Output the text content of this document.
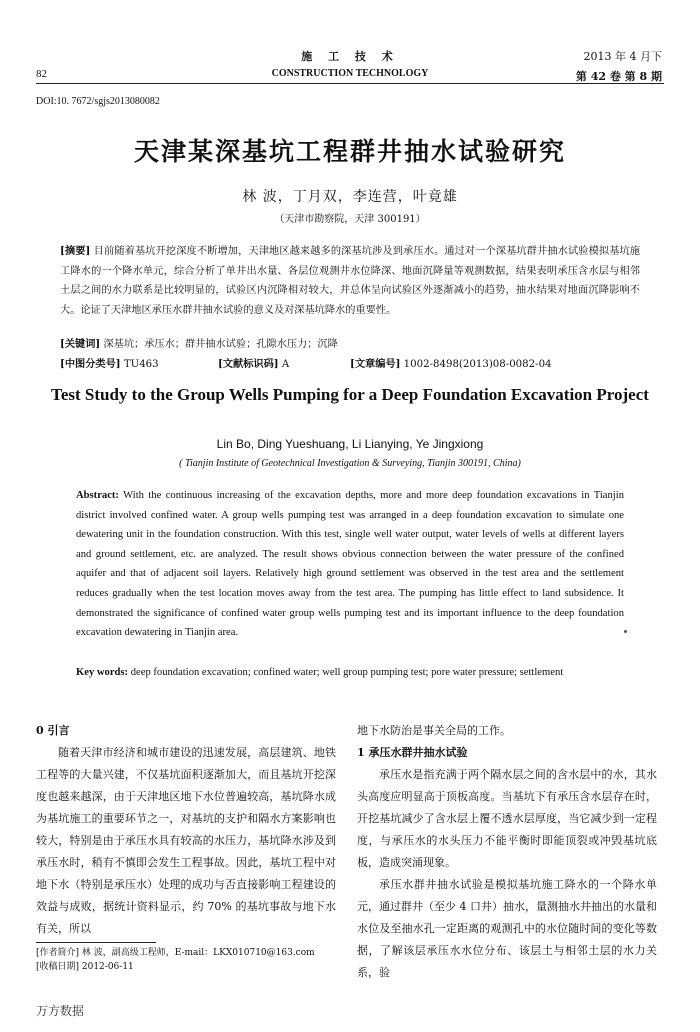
82
施 工 技 术
CONSTRUCTION TECHNOLOGY
2013 年 4 月下
第 42 卷 第 8 期
DOI:10. 7672/sgjs2013080082
天津某深基坑工程群井抽水试验研究
林 波，丁月双，李连营，叶竟雄
（天津市勘察院，天津 300191）
[摘要] 目前随着基坑开挖深度不断增加，天津地区越来越多的深基坑涉及到承压水。通过对一个深基坑群井抽水试验模拟基坑施工降水的一个降水单元，综合分析了单井出水量、各层位观测井水位降深、地面沉降量等观测数据，结果表明承压含水层与相邻土层之间的水力联系是比较明显的，试验区内沉降相对较大，并总体呈向试验区外逐渐减小的趋势，抽水结果对地面沉降影响不大。论证了天津地区承压水群井抽水试验的意义及对深基坑降水的重要性。
[关键词] 深基坑；承压水；群井抽水试验；孔隙水压力；沉降
[中图分类号] TU463	[文献标识码] A	[文章编号] 1002-8498(2013)08-0082-04
Test Study to the Group Wells Pumping for a Deep Foundation Excavation Project
Lin Bo, Ding Yueshuang, Li Lianying, Ye Jingxiong
( Tianjin Institute of Geotechnical Investigation & Surveying, Tianjin 300191, China)
Abstract: With the continuous increasing of the excavation depths, more and more deep foundation excavations in Tianjin district involved confined water. A group wells pumping test was arranged in a deep foundation excavation to simulate one dewatering unit in the foundation construction. With this test, single well water output, water levels of wells at different layers and ground settlement, etc. are analyzed. The result shows obvious connection between the water pressure of the confined aquifer and that of adjacent soil layers. Relatively high ground settlement was observed in the test area and the settlement reduces gradually when the test location moves away from the test area. The pumping has little effect to land subsidence. It demonstrated the significance of confined water group wells pumping test and its important influence to the deep foundation excavation dewatering in Tianjin area.
Key words: deep foundation excavation; confined water; well group pumping test; pore water pressure; settlement
0 引言
随着天津市经济和城市建设的迅速发展，高层建筑、地铁工程等的大量兴建，不仅基坑面积逐渐加大，而且基坑开挖深度也越来越深，由于天津地区地下水位普遍较高，基坑降水成为基坑施工的重要环节之一，对基坑的支护和隔水方案影响也较大，特别是由于承压水具有较高的水压力，基坑降水涉及到承压水时，稍有不慎即会发生工程事故。因此，基坑工程中对地下水（特别是承压水）处理的成功与否直接影响工程建设的效益与成败，据统计资料显示，约 70% 的基坑事故与地下水有关，所以
地下水防治是事关全局的工作。
1 承压水群井抽水试验
承压水是指充满于两个隔水层之间的含水层中的水，其水头高度应明显高于顶板高度。当基坑下有承压含水层存在时，开挖基坑减少了含水层上覆不透水层厚度，当它减少到一定程度，与承压水的水头压力不能平衡时即能顶裂或冲毁基坑底板，造成突涌现象。
承压水群井抽水试验是模拟基坑施工降水的一个降水单元，通过群井（至少 4 口井）抽水，量测抽水井抽出的水量和水位及至抽水孔一定距离的观测孔中的水位随时间的变化等数据，了解该层承压水水位分布、该层土与相邻土层的水力关系，验
[作者简介] 林 波，副高级工程师，E-mail：LKX010710@163.com
[收稿日期] 2012-06-11
万方数据
